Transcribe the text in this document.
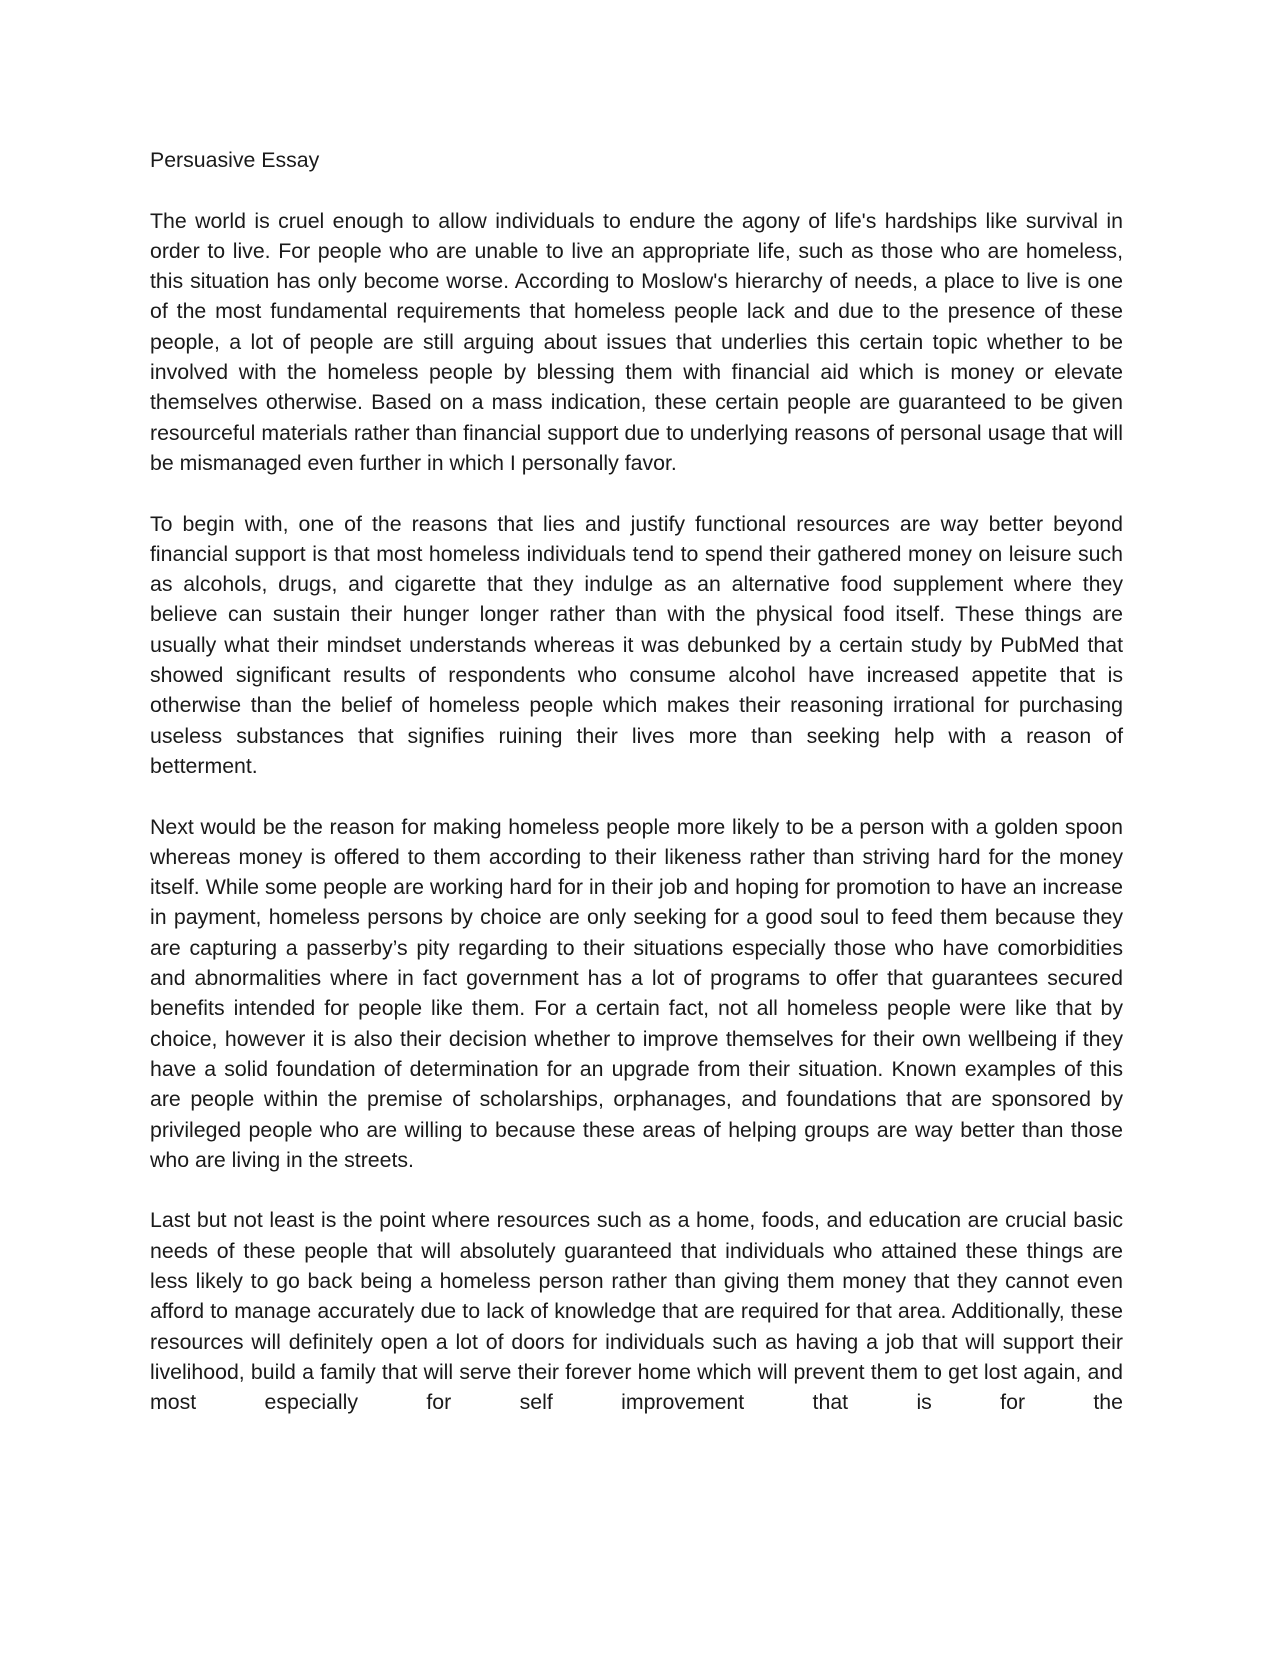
Persuasive Essay

The world is cruel enough to allow individuals to endure the agony of life's hardships like survival in order to live. For people who are unable to live an appropriate life, such as those who are homeless, this situation has only become worse. According to Moslow's hierarchy of needs, a place to live is one of the most fundamental requirements that homeless people lack and due to the presence of these people, a lot of people are still arguing about issues that underlies this certain topic whether to be involved with the homeless people by blessing them with financial aid which is money or elevate themselves otherwise. Based on a mass indication, these certain people are guaranteed to be given resourceful materials rather than financial support due to underlying reasons of personal usage that will be mismanaged even further in which I personally favor.

To begin with, one of the reasons that lies and justify functional resources are way better beyond financial support is that most homeless individuals tend to spend their gathered money on leisure such as alcohols, drugs, and cigarette that they indulge as an alternative food supplement where they believe can sustain their hunger longer rather than with the physical food itself. These things are usually what their mindset understands whereas it was debunked by a certain study by PubMed that showed significant results of respondents who consume alcohol have increased appetite that is otherwise than the belief of homeless people which makes their reasoning irrational for purchasing useless substances that signifies ruining their lives more than seeking help with a reason of betterment.

Next would be the reason for making homeless people more likely to be a person with a golden spoon whereas money is offered to them according to their likeness rather than striving hard for the money itself. While some people are working hard for in their job and hoping for promotion to have an increase in payment, homeless persons by choice are only seeking for a good soul to feed them because they are capturing a passerby’s pity regarding to their situations especially those who have comorbidities and abnormalities where in fact government has a lot of programs to offer that guarantees secured benefits intended for people like them. For a certain fact, not all homeless people were like that by choice, however it is also their decision whether to improve themselves for their own wellbeing if they have a solid foundation of determination for an upgrade from their situation. Known examples of this are people within the premise of scholarships, orphanages, and foundations that are sponsored by privileged people who are willing to because these areas of helping groups are way better than those who are living in the streets.

Last but not least is the point where resources such as a home, foods, and education are crucial basic needs of these people that will absolutely guaranteed that individuals who attained these things are less likely to go back being a homeless person rather than giving them money that they cannot even afford to manage accurately due to lack of knowledge that are required for that area. Additionally, these resources will definitely open a lot of doors for individuals such as having a job that will support their livelihood, build a family that will serve their forever home which will prevent them to get lost again, and most especially for self improvement that is for the
